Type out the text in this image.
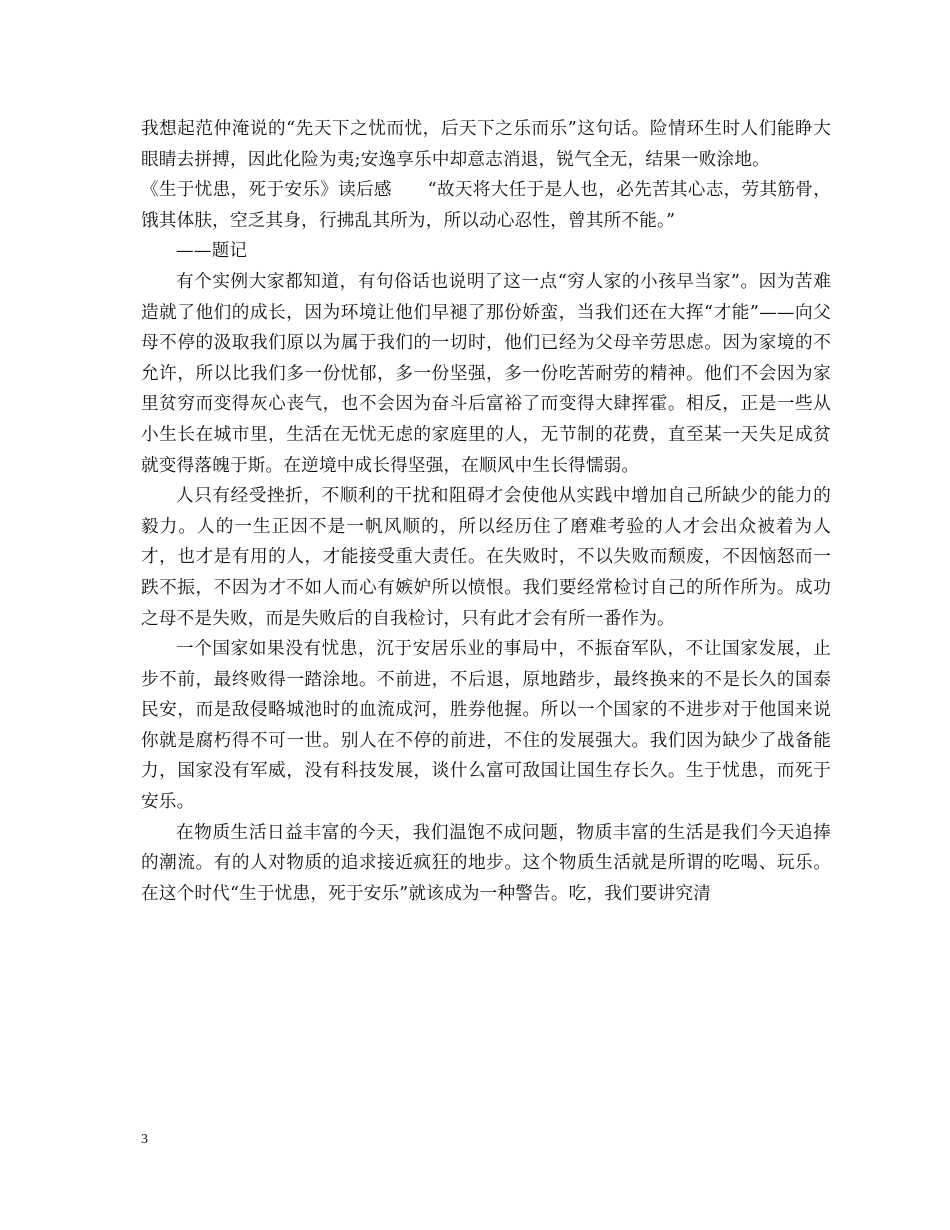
我想起范仲淹说的“先天下之忧而忧，后天下之乐而乐”这句话。险情环生时人们能睁大眼睛去拼搏，因此化险为夷;安逸享乐中却意志消退，锐气全无，结果一败涂地。

《生于忧患，死于安乐》读后感　　“故天将大任于是人也，必先苦其心志，劳其筋骨，饿其体肤，空乏其身，行拂乱其所为，所以动心忍性，曾其所不能。”

——题记

有个实例大家都知道，有句俗话也说明了这一点“穷人家的小孩早当家”。因为苦难造就了他们的成长，因为环境让他们早褪了那份娇蛮，当我们还在大挥“才能”——向父母不停的汲取我们原以为属于我们的一切时，他们已经为父母辛劳思虑。因为家境的不允许，所以比我们多一份忧郁，多一份坚强，多一份吃苦耐劳的精神。他们不会因为家里贫穷而变得灰心丧气，也不会因为奋斗后富裕了而变得大肆挥霍。相反，正是一些从小生长在城市里，生活在无忧无虑的家庭里的人，无节制的花费，直至某一天失足成贫就变得落魄于斯。在逆境中成长得坚强，在顺风中生长得懦弱。

人只有经受挫折，不顺利的干扰和阻碍才会使他从实践中增加自己所缺少的能力的毅力。人的一生正因不是一帆风顺的，所以经历住了磨难考验的人才会出众被着为人才，也才是有用的人，才能接受重大责任。在失败时，不以失败而颓废，不因恼怒而一跌不振，不因为才不如人而心有嫉妒所以愤恨。我们要经常检讨自己的所作所为。成功之母不是失败，而是失败后的自我检讨，只有此才会有所一番作为。

一个国家如果没有忧患，沉于安居乐业的事局中，不振奋军队，不让国家发展，止步不前，最终败得一踏涂地。不前进，不后退，原地踏步，最终换来的不是长久的国泰民安，而是敌侵略城池时的血流成河，胜券他握。所以一个国家的不进步对于他国来说你就是腐朽得不可一世。别人在不停的前进，不住的发展强大。我们因为缺少了战备能力，国家没有军威，没有科技发展，谈什么富可敌国让国生存长久。生于忧患，而死于安乐。

在物质生活日益丰富的今天，我们温饱不成问题，物质丰富的生活是我们今天追捧的潮流。有的人对物质的追求接近疯狂的地步。这个物质生活就是所谓的吃喝、玩乐。在这个时代“生于忧患，死于安乐”就该成为一种警告。吃，我们要讲究清

3
